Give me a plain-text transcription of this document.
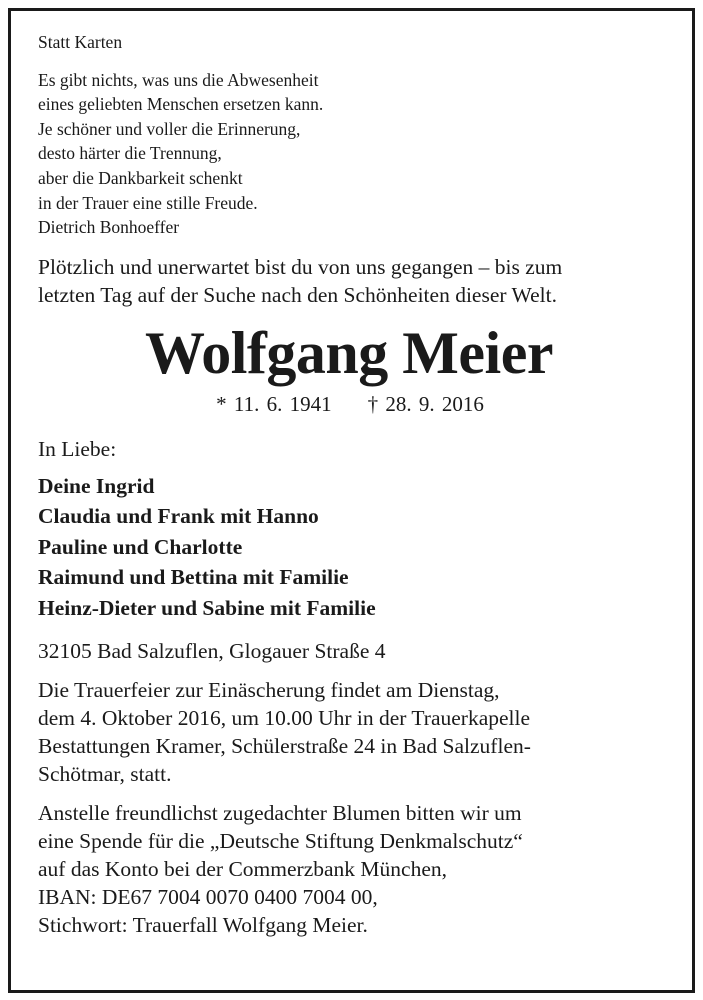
Statt Karten
Es gibt nichts, was uns die Abwesenheit
eines geliebten Menschen ersetzen kann.
Je schöner und voller die Erinnerung,
desto härter die Trennung,
aber die Dankbarkeit schenkt
in der Trauer eine stille Freude.
Dietrich Bonhoeffer
Plötzlich und unerwartet bist du von uns gegangen – bis zum
letzten Tag auf der Suche nach den Schönheiten dieser Welt.
Wolfgang Meier
* 11. 6. 1941 † 28. 9. 2016
In Liebe:
Deine Ingrid
Claudia und Frank mit Hanno
Pauline und Charlotte
Raimund und Bettina mit Familie
Heinz-Dieter und Sabine mit Familie
32105 Bad Salzuflen, Glogauer Straße 4
Die Trauerfeier zur Einäscherung findet am Dienstag,
dem 4. Oktober 2016, um 10.00 Uhr in der Trauerkapelle
Bestattungen Kramer, Schülerstraße 24 in Bad Salzuflen-
Schötmar, statt.
Anstelle freundlichst zugedachter Blumen bitten wir um
eine Spende für die „Deutsche Stiftung Denkmalschutz“
auf das Konto bei der Commerzbank München,
IBAN: DE67 7004 0070 0400 7004 00,
Stichwort: Trauerfall Wolfgang Meier.
